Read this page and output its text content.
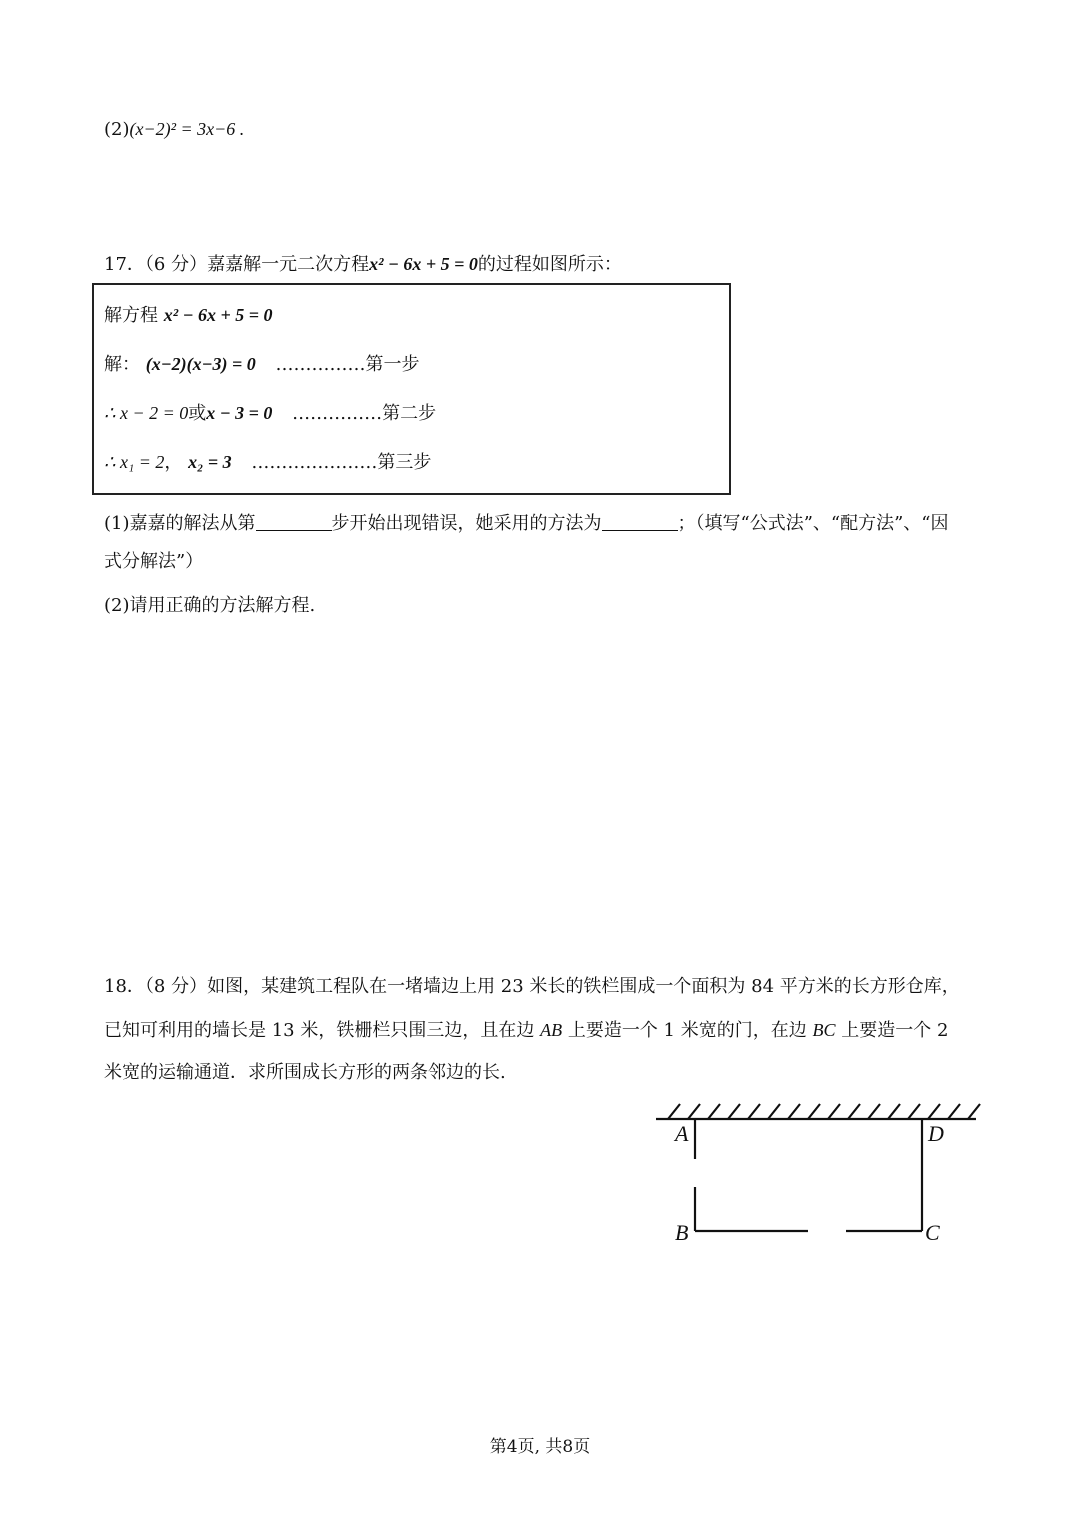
(2)(x−2)² = 3x−6 .
17．（6 分）嘉嘉解一元二次方程x² − 6x + 5 = 0的过程如图所示：
解方程 x² − 6x + 5 = 0
解： (x−2)(x−3) = 0 ……………第一步
∴ x − 2 = 0或x − 3 = 0 ……………第二步
∴ x₁ = 2， x₂ = 3 …………………第三步
(1)嘉嘉的解法从第	步开始出现错误，她采用的方法为	；（填写“公式法”、“配方法”、“因
式分解法”）
(2)请用正确的方法解方程.
18．（8 分）如图，某建筑工程队在一堵墙边上用 23 米长的铁栏围成一个面积为 84 平方米的长方形仓库，
已知可利用的墙长是 13 米，铁栅栏只围三边，且在边 AB 上要造一个 1 米宽的门，在边 BC 上要造一个 2
米宽的运输通道．求所围成长方形的两条邻边的长.
A
B	C
D
第4页, 共8页
